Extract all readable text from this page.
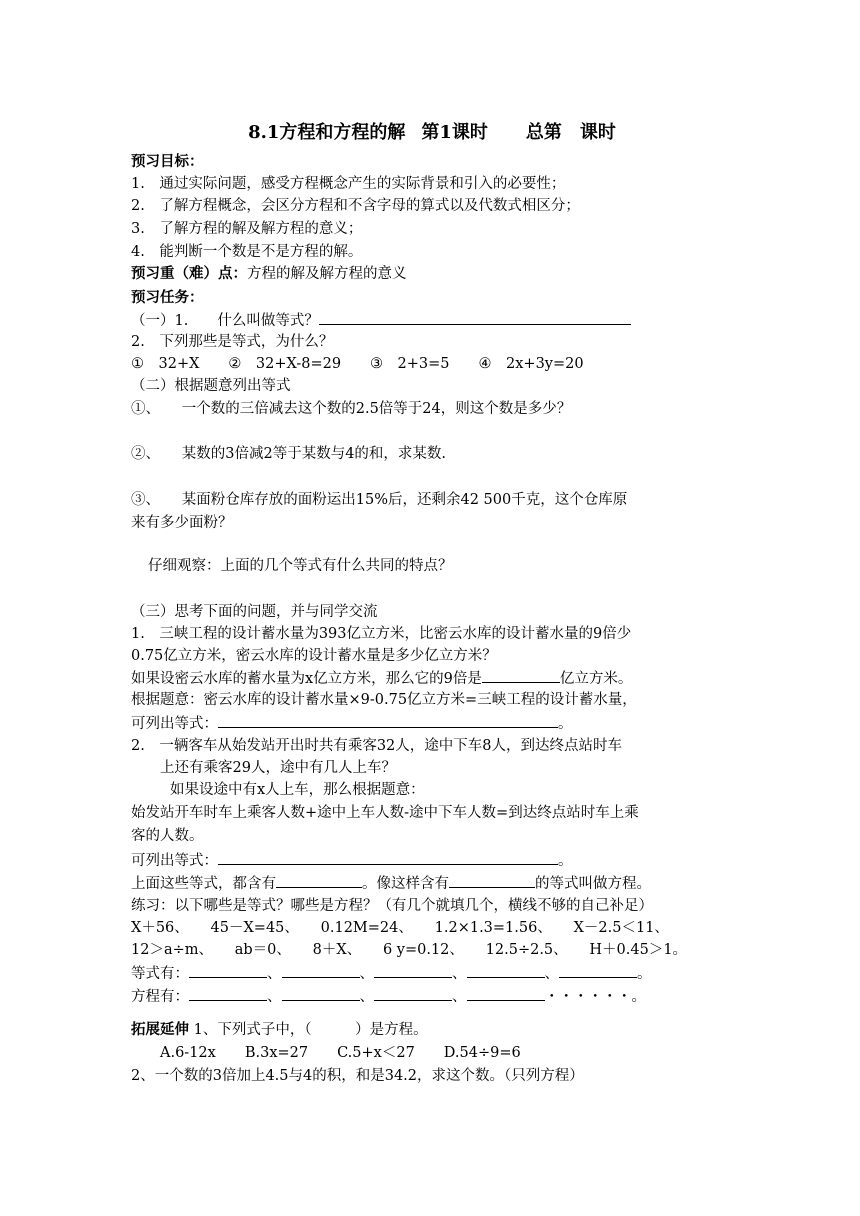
8.1方程和方程的解 第1课时 总第　课时
预习目标：
1.　通过实际问题，感受方程概念产生的实际背景和引入的必要性；
2.　了解方程概念，会区分方程和不含字母的算式以及代数式相区分；
3.　了解方程的解及解方程的意义；
4.　能判断一个数是不是方程的解。
预习重（难）点：方程的解及解方程的意义
预习任务：
（一）1.　　什么叫做等式？
2.　下列那些是等式，为什么？
①　32+X　　②　32+X-8=29　　③　2+3=5　　④　2x+3y=20
（二）根据题意列出等式
①、　　一个数的三倍减去这个数的2.5倍等于24，则这个数是多少？
②、　　某数的3倍减2等于某数与4的和，求某数.
③、　　某面粉仓库存放的面粉运出15%后，还剩余42 500千克，这个仓库原
来有多少面粉？
仔细观察：上面的几个等式有什么共同的特点？
（三）思考下面的问题，并与同学交流
1.　三峡工程的设计蓄水量为393亿立方米，比密云水库的设计蓄水量的9倍少
0.75亿立方米，密云水库的设计蓄水量是多少亿立方米？
如果设密云水库的蓄水量为x亿立方米，那么它的9倍是	亿立方米。
根据题意：密云水库的设计蓄水量×9-0.75亿立方米=三峡工程的设计蓄水量，
可列出等式：	。
2.　一辆客车从始发站开出时共有乘客32人，途中下车8人，到达终点站时车
上还有乘客29人，途中有几人上车？
如果设途中有x人上车，那么根据题意：
始发站开车时车上乘客人数+途中上车人数-途中下车人数=到达终点站时车上乘
客的人数。
可列出等式：	。
上面这些等式，都含有	。像这样含有	的等式叫做方程。
练习：以下哪些是等式？哪些是方程？（有几个就填几个，横线不够的自己补足）
X＋56、　　45－X=45、　　0.12M=24、　　1.2×1.3=1.56、　　X－2.5＜11、
12＞a÷m、　　ab＝0、　　8＋X、　　6 y=0.12、　　12.5÷2.5、　　H＋0.45＞1。
等式有：	、	、	、	、	。
方程有：	、	、	、	・・・・・・。
拓展延伸 1、下列式子中，（　　　）是方程。
A.6-12x　　B.3x=27　　C.5+x＜27　　D.54÷9=6
2、一个数的3倍加上4.5与4的积，和是34.2，求这个数。（只列方程）
